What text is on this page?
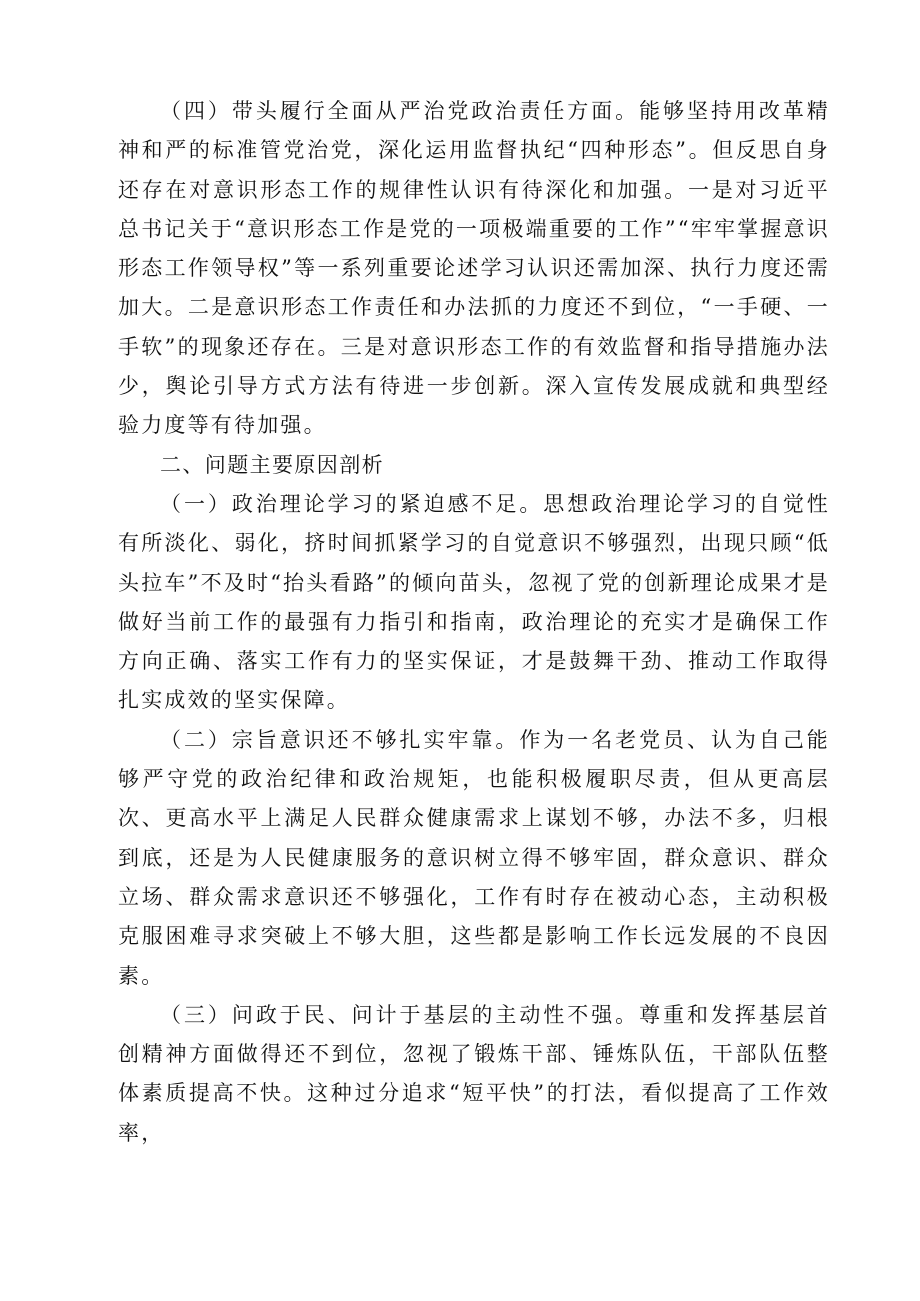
（四）带头履行全面从严治党政治责任方面。能够坚持用改革精神和严的标准管党治党，深化运用监督执纪“四种形态”。但反思自身还存在对意识形态工作的规律性认识有待深化和加强。一是对习近平总书记关于“意识形态工作是党的一项极端重要的工作”“牢牢掌握意识形态工作领导权”等一系列重要论述学习认识还需加深、执行力度还需加大。二是意识形态工作责任和办法抓的力度还不到位，“一手硬、一手软”的现象还存在。三是对意识形态工作的有效监督和指导措施办法少，舆论引导方式方法有待进一步创新。深入宣传发展成就和典型经验力度等有待加强。

二、问题主要原因剖析

（一）政治理论学习的紧迫感不足。思想政治理论学习的自觉性有所淡化、弱化，挤时间抓紧学习的自觉意识不够强烈，出现只顾“低头拉车”不及时“抬头看路”的倾向苗头，忽视了党的创新理论成果才是做好当前工作的最强有力指引和指南，政治理论的充实才是确保工作方向正确、落实工作有力的坚实保证，才是鼓舞干劲、推动工作取得扎实成效的坚实保障。

（二）宗旨意识还不够扎实牢靠。作为一名老党员、认为自己能够严守党的政治纪律和政治规矩，也能积极履职尽责，但从更高层次、更高水平上满足人民群众健康需求上谋划不够，办法不多，归根到底，还是为人民健康服务的意识树立得不够牢固，群众意识、群众立场、群众需求意识还不够强化，工作有时存在被动心态，主动积极克服困难寻求突破上不够大胆，这些都是影响工作长远发展的不良因素。

（三）问政于民、问计于基层的主动性不强。尊重和发挥基层首创精神方面做得还不到位，忽视了锻炼干部、锤炼队伍，干部队伍整体素质提高不快。这种过分追求“短平快”的打法，看似提高了工作效率，
